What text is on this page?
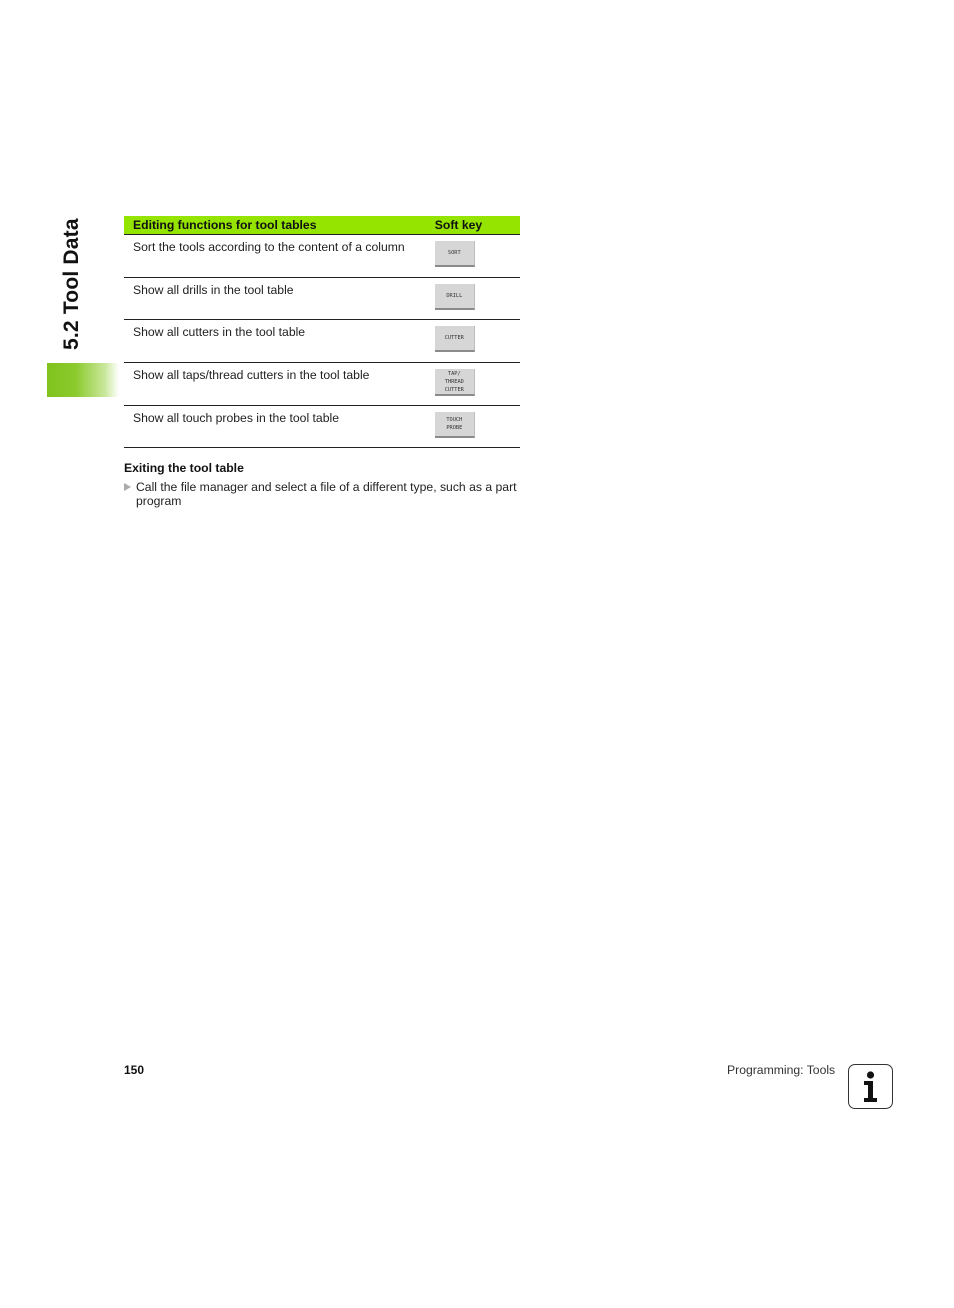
5.2 Tool Data	Editing functions for tool tables	Soft key
Sort the tools according to the content of a column	SORT

Show all drills in the tool table	DRILL

Show all cutters in the tool table	CUTTER

Show all taps/thread cutters in the tool table	TAP/
THREAD
CUTTER

Show all touch probes in the tool table	TOUCH
PROBE
Exiting the tool table
Call the file manager and select a file of a different type, such as a part program
150	Programming: Tools
